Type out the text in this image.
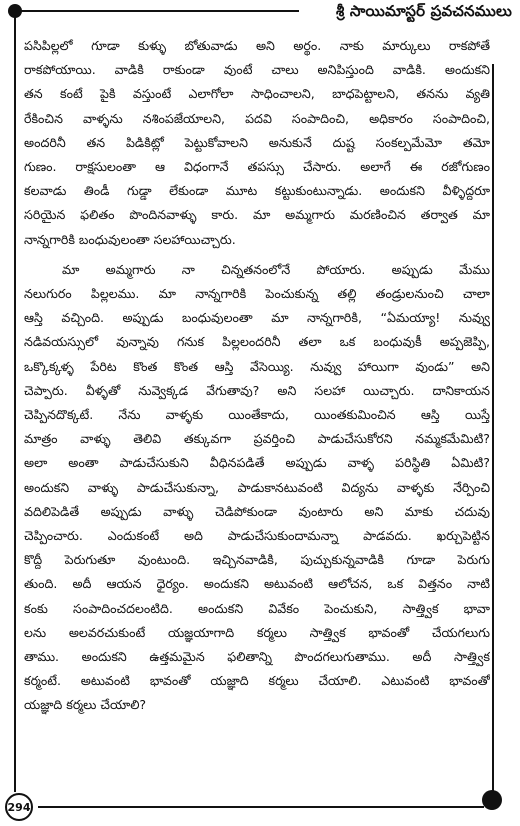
శ్రీ సాయిమాస్టర్ ప్రవచనములు
పసిపిల్లలో గూడా కుళ్ళు బోతువాడు అని అర్థం. నాకు మార్కులు రాకపోతే
రాకపోయాయి. వాడికి రాకుండా వుంటే చాలు అనిపిస్తుంది వాడికి. అందుకని
తన కంటే పైకి వస్తుంటే ఎలాగోలా సాధించాలని, బాధపెట్టాలని, తనను వ్యతి
రేకించిన వాళ్ళను నశింపజేయాలని, పదవి సంపాదించి, అధికారం సంపాదించి,
అందరినీ తన పిడికిట్లో పెట్టుకోవాలని అనుకునే దుష్ట సంకల్పమేమో తమో
గుణం. రాక్షసులంతా ఆ విధంగానే తపస్సు చేసారు. అలాగే ఈ రజోగుణం
కలవాడు తిండీ గుడ్డా లేకుండా మూట కట్టుకుంటున్నాడు. అందుకని వీళ్ళిద్దరూ
సరియైన ఫలితం పొందినవాళ్ళు కారు. మా అమ్మగారు మరణించిన తర్వాత మా
నాన్నగారికి బంధువులంతా సలహాయిచ్చారు.
మా అమ్మగారు నా చిన్నతనంలోనే పోయారు. అప్పుడు మేము
నలుగురం పిల్లలము. మా నాన్నగారికి పెంచుకున్న తల్లి తండ్రులనుంచి చాలా
ఆస్తి వచ్చింది. అప్పుడు బంధువులంతా మా నాన్నగారికి, “ఏమయ్యా! నువ్వు
నడివయస్సులో వున్నావు గనుక పిల్లలందరినీ తలా ఒక బంధువుకీ అప్పజెప్పి,
ఒక్కొక్కళ్ళ పేరిట కొంత కొంత ఆస్తి వేసెయ్యి. నువ్వు హాయిగా వుండు” అని
చెప్పారు. వీళ్ళతో నువ్వెక్కడ వేగుతావు? అని సలహా యిచ్చారు. దానికాయన
చెప్పినదొక్కటే. నేను వాళ్ళకు యింతేకాదు, యింతకుమించిన ఆస్తి యిస్తే
మాత్రం వాళ్ళు తెలివి తక్కువగా ప్రవర్తించి పాడుచేసుకోరని నమ్మకమేమిటి?
అలా అంతా పాడుచేసుకుని వీధినపడితే అప్పుడు వాళ్ళ పరిస్థితి ఏమిటి?
అందుకని వాళ్ళు పాడుచేసుకున్నా, పాడుకానటువంటి విద్యను వాళ్ళకు నేర్పించి
వదిలిపెడితే అప్పుడు వాళ్ళు చెడిపోకుండా వుంటారు అని మాకు చదువు
చెప్పించారు. ఎందుకంటే అది పాడుచేసుకుందామన్నా పాడవదు. ఖర్చుపెట్టిన
కొద్దీ పెరుగుతూ వుంటుంది. ఇచ్చినవాడికి, పుచ్చుకున్నవాడికి గూడా పెరుగు
తుంది. అదీ ఆయన ధైర్యం. అందుకని అటువంటి ఆలోచన, ఒక విత్తనం నాటి
కంకు సంపాదించదలంటిది. అందుకని వివేకం పెంచుకుని, సాత్త్విక భావా
లను అలవరచుకుంటే యజ్ఞయాగాది కర్మలు సాత్త్విక భావంతో చేయగలుగు
తాము. అందుకని ఉత్తమమైన ఫలితాన్ని పొందగలుగుతాము. అదీ సాత్త్విక
కర్మంటే. అటువంటి భావంతో యజ్ఞాది కర్మలు చేయాలి. ఎటువంటి భావంతో
యజ్ఞాది కర్మలు చేయాలి?
294
